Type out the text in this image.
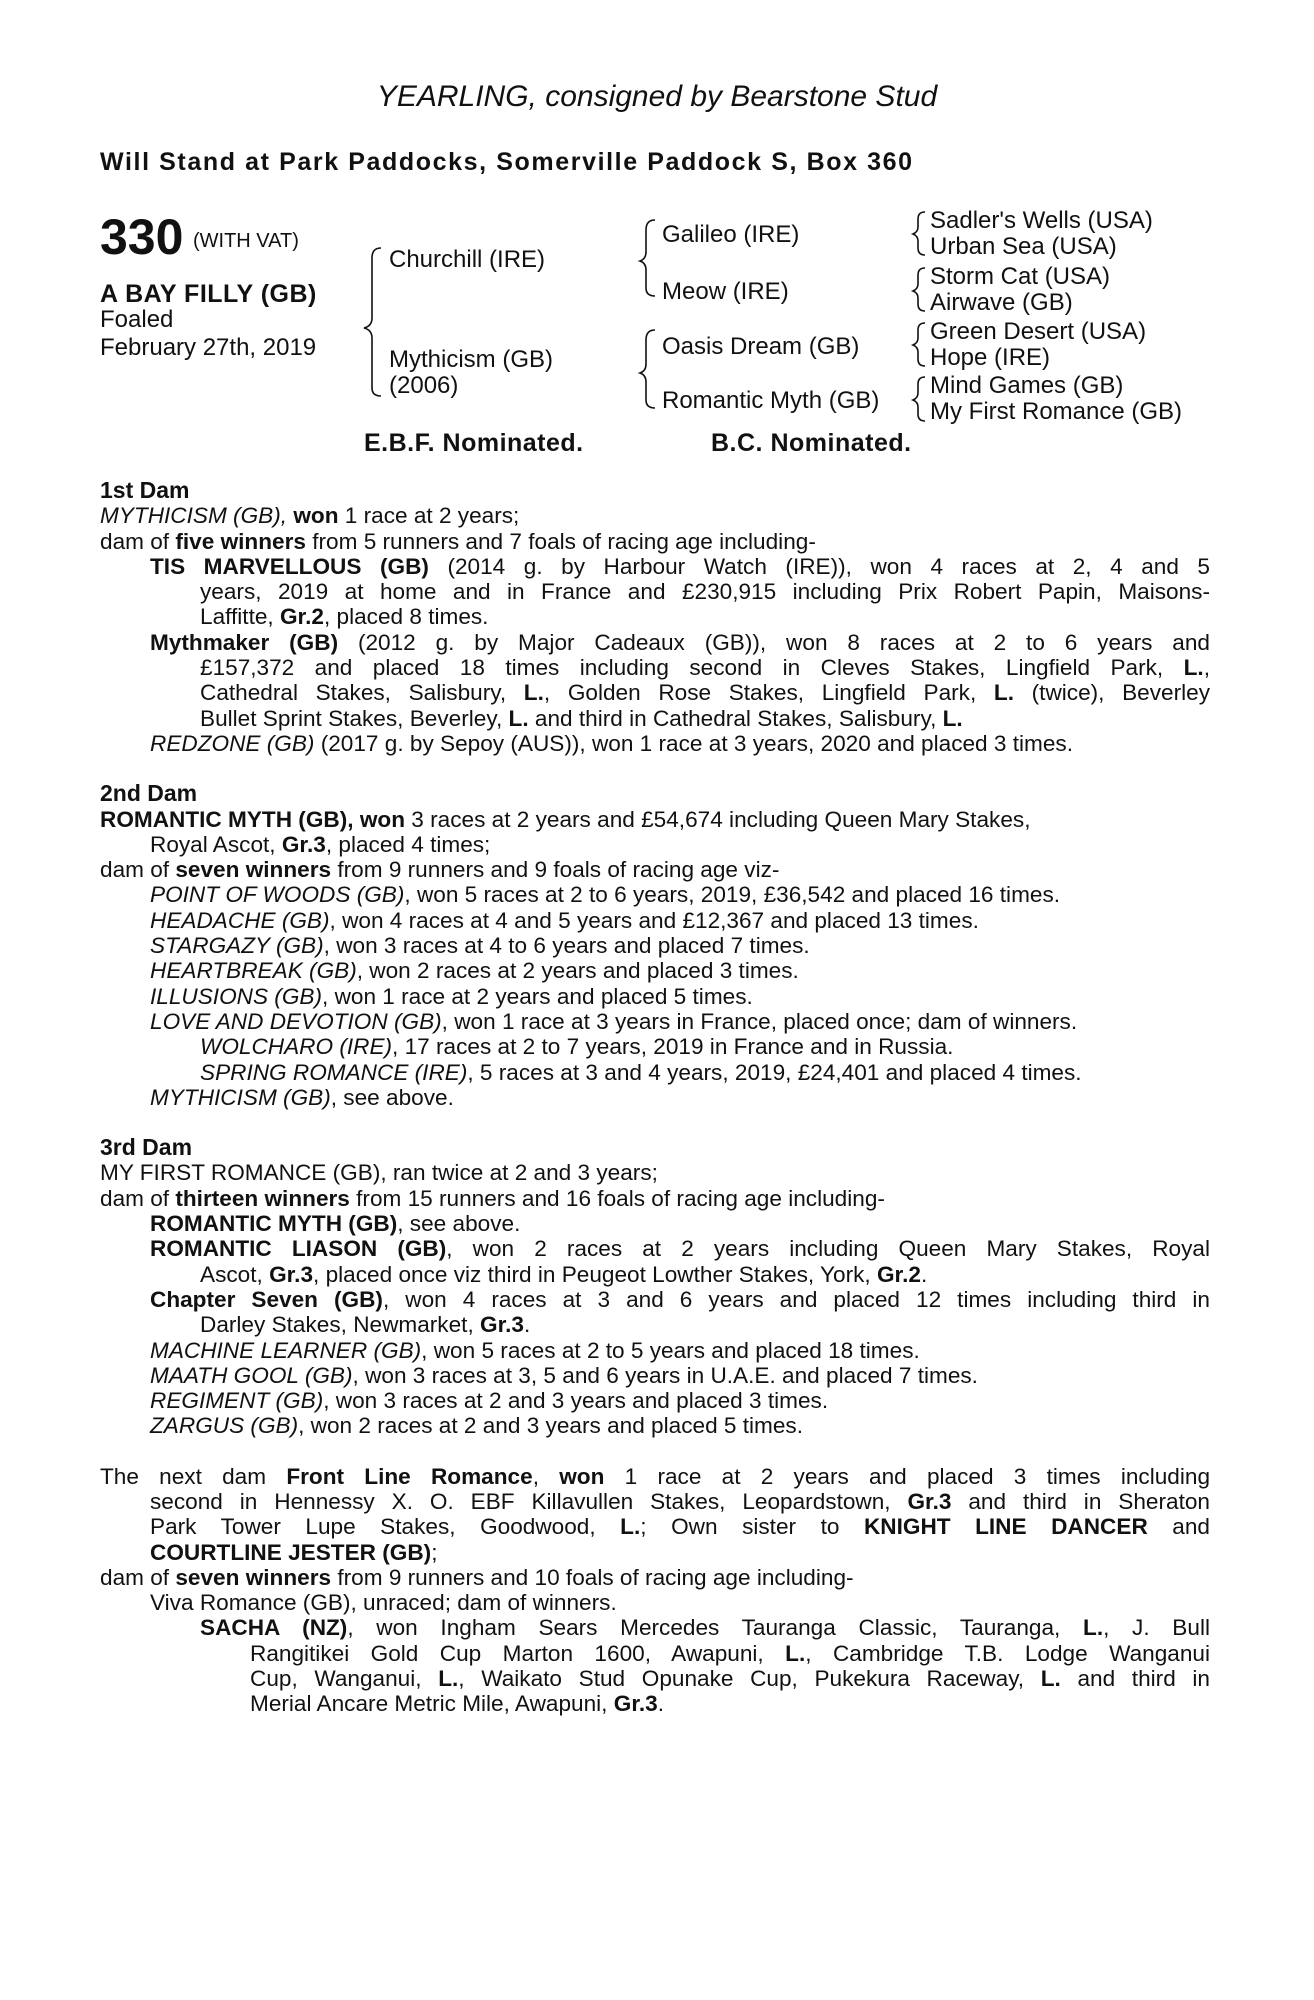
YEARLING, consigned by Bearstone Stud
Will Stand at Park Paddocks, Somerville Paddock S, Box 360
330 (WITH VAT)
A BAY FILLY (GB)
Foaled
February 27th, 2019
Churchill (IRE)
Mythicism (GB)
(2006)
Galileo (IRE)
Meow (IRE)
Oasis Dream (GB)
Romantic Myth (GB)
Sadler's Wells (USA)
Urban Sea (USA)
Storm Cat (USA)
Airwave (GB)
Green Desert (USA)
Hope (IRE)
Mind Games (GB)
My First Romance (GB)
E.B.F. Nominated.	B.C. Nominated.
1st Dam
MYTHICISM (GB), won 1 race at 2 years;
dam of five winners from 5 runners and 7 foals of racing age including-
TIS MARVELLOUS (GB) (2014 g. by Harbour Watch (IRE)), won 4 races at 2, 4 and 5
years, 2019 at home and in France and £230,915 including Prix Robert Papin, Maisons-
Laffitte, Gr.2, placed 8 times.
Mythmaker (GB) (2012 g. by Major Cadeaux (GB)), won 8 races at 2 to 6 years and
£157,372 and placed 18 times including second in Cleves Stakes, Lingfield Park, L.,
Cathedral Stakes, Salisbury, L., Golden Rose Stakes, Lingfield Park, L. (twice), Beverley
Bullet Sprint Stakes, Beverley, L. and third in Cathedral Stakes, Salisbury, L.
REDZONE (GB) (2017 g. by Sepoy (AUS)), won 1 race at 3 years, 2020 and placed 3 times.
2nd Dam
ROMANTIC MYTH (GB), won 3 races at 2 years and £54,674 including Queen Mary Stakes,
Royal Ascot, Gr.3, placed 4 times;
dam of seven winners from 9 runners and 9 foals of racing age viz-
POINT OF WOODS (GB), won 5 races at 2 to 6 years, 2019, £36,542 and placed 16 times.
HEADACHE (GB), won 4 races at 4 and 5 years and £12,367 and placed 13 times.
STARGAZY (GB), won 3 races at 4 to 6 years and placed 7 times.
HEARTBREAK (GB), won 2 races at 2 years and placed 3 times.
ILLUSIONS (GB), won 1 race at 2 years and placed 5 times.
LOVE AND DEVOTION (GB), won 1 race at 3 years in France, placed once; dam of winners.
WOLCHARO (IRE), 17 races at 2 to 7 years, 2019 in France and in Russia.
SPRING ROMANCE (IRE), 5 races at 3 and 4 years, 2019, £24,401 and placed 4 times.
MYTHICISM (GB), see above.
3rd Dam
MY FIRST ROMANCE (GB), ran twice at 2 and 3 years;
dam of thirteen winners from 15 runners and 16 foals of racing age including-
ROMANTIC MYTH (GB), see above.
ROMANTIC LIASON (GB), won 2 races at 2 years including Queen Mary Stakes, Royal
Ascot, Gr.3, placed once viz third in Peugeot Lowther Stakes, York, Gr.2.
Chapter Seven (GB), won 4 races at 3 and 6 years and placed 12 times including third in
Darley Stakes, Newmarket, Gr.3.
MACHINE LEARNER (GB), won 5 races at 2 to 5 years and placed 18 times.
MAATH GOOL (GB), won 3 races at 3, 5 and 6 years in U.A.E. and placed 7 times.
REGIMENT (GB), won 3 races at 2 and 3 years and placed 3 times.
ZARGUS (GB), won 2 races at 2 and 3 years and placed 5 times.
The next dam Front Line Romance, won 1 race at 2 years and placed 3 times including
second in Hennessy X. O. EBF Killavullen Stakes, Leopardstown, Gr.3 and third in Sheraton
Park Tower Lupe Stakes, Goodwood, L.; Own sister to KNIGHT LINE DANCER and
COURTLINE JESTER (GB);
dam of seven winners from 9 runners and 10 foals of racing age including-
Viva Romance (GB), unraced; dam of winners.
SACHA (NZ), won Ingham Sears Mercedes Tauranga Classic, Tauranga, L., J. Bull
Rangitikei Gold Cup Marton 1600, Awapuni, L., Cambridge T.B. Lodge Wanganui
Cup, Wanganui, L., Waikato Stud Opunake Cup, Pukekura Raceway, L. and third in
Merial Ancare Metric Mile, Awapuni, Gr.3.
